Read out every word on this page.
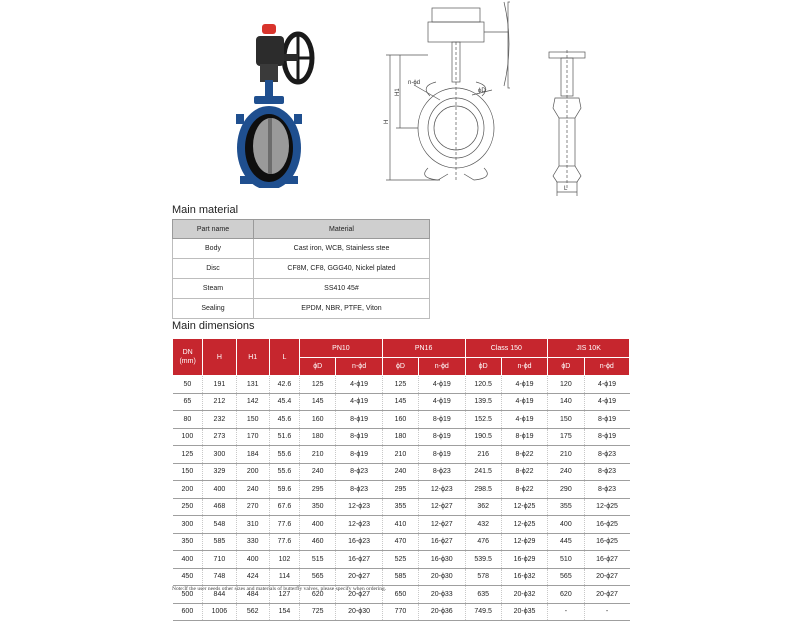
H1
H
n-ϕd
ϕD
L
Main material
Part name	Material
Body	Cast iron, WCB, Stainless stee
Disc	CF8M, CF8, GGG40, Nickel plated
Steam	SS410 45#
Sealing	EPDM, NBR, PTFE, Viton
Main dimensions
DN
(mm)	H	H1	L	PN10		PN16		Class 150		JIS 10K	
				ϕD	n-ϕd	ϕD	n-ϕd	ϕD	n-ϕd	ϕD	n-ϕd
50	191	131	42.6	125	4-ϕ19	125	4-ϕ19	120.5	4-ϕ19	120	4-ϕ19
65	212	142	45.4	145	4-ϕ19	145	4-ϕ19	139.5	4-ϕ19	140	4-ϕ19
80	232	150	45.6	160	8-ϕ19	160	8-ϕ19	152.5	4-ϕ19	150	8-ϕ19
100	273	170	51.6	180	8-ϕ19	180	8-ϕ19	190.5	8-ϕ19	175	8-ϕ19
125	300	184	55.6	210	8-ϕ19	210	8-ϕ19	216	8-ϕ22	210	8-ϕ23
150	329	200	55.6	240	8-ϕ23	240	8-ϕ23	241.5	8-ϕ22	240	8-ϕ23
200	400	240	59.6	295	8-ϕ23	295	12-ϕ23	298.5	8-ϕ22	290	8-ϕ23
250	468	270	67.6	350	12-ϕ23	355	12-ϕ27	362	12-ϕ25	355	12-ϕ25
300	548	310	77.6	400	12-ϕ23	410	12-ϕ27	432	12-ϕ25	400	16-ϕ25
350	585	330	77.6	460	16-ϕ23	470	16-ϕ27	476	12-ϕ29	445	16-ϕ25
400	710	400	102	515	16-ϕ27	525	16-ϕ30	539.5	16-ϕ29	510	16-ϕ27
450	748	424	114	565	20-ϕ27	585	20-ϕ30	578	16-ϕ32	565	20-ϕ27
500	844	484	127	620	20-ϕ27	650	20-ϕ33	635	20-ϕ32	620	20-ϕ27
600	1006	562	154	725	20-ϕ30	770	20-ϕ36	749.5	20-ϕ35	-	-
Note:If the user needs other sizes and materials of butterfly valves, please specify when ordering.
